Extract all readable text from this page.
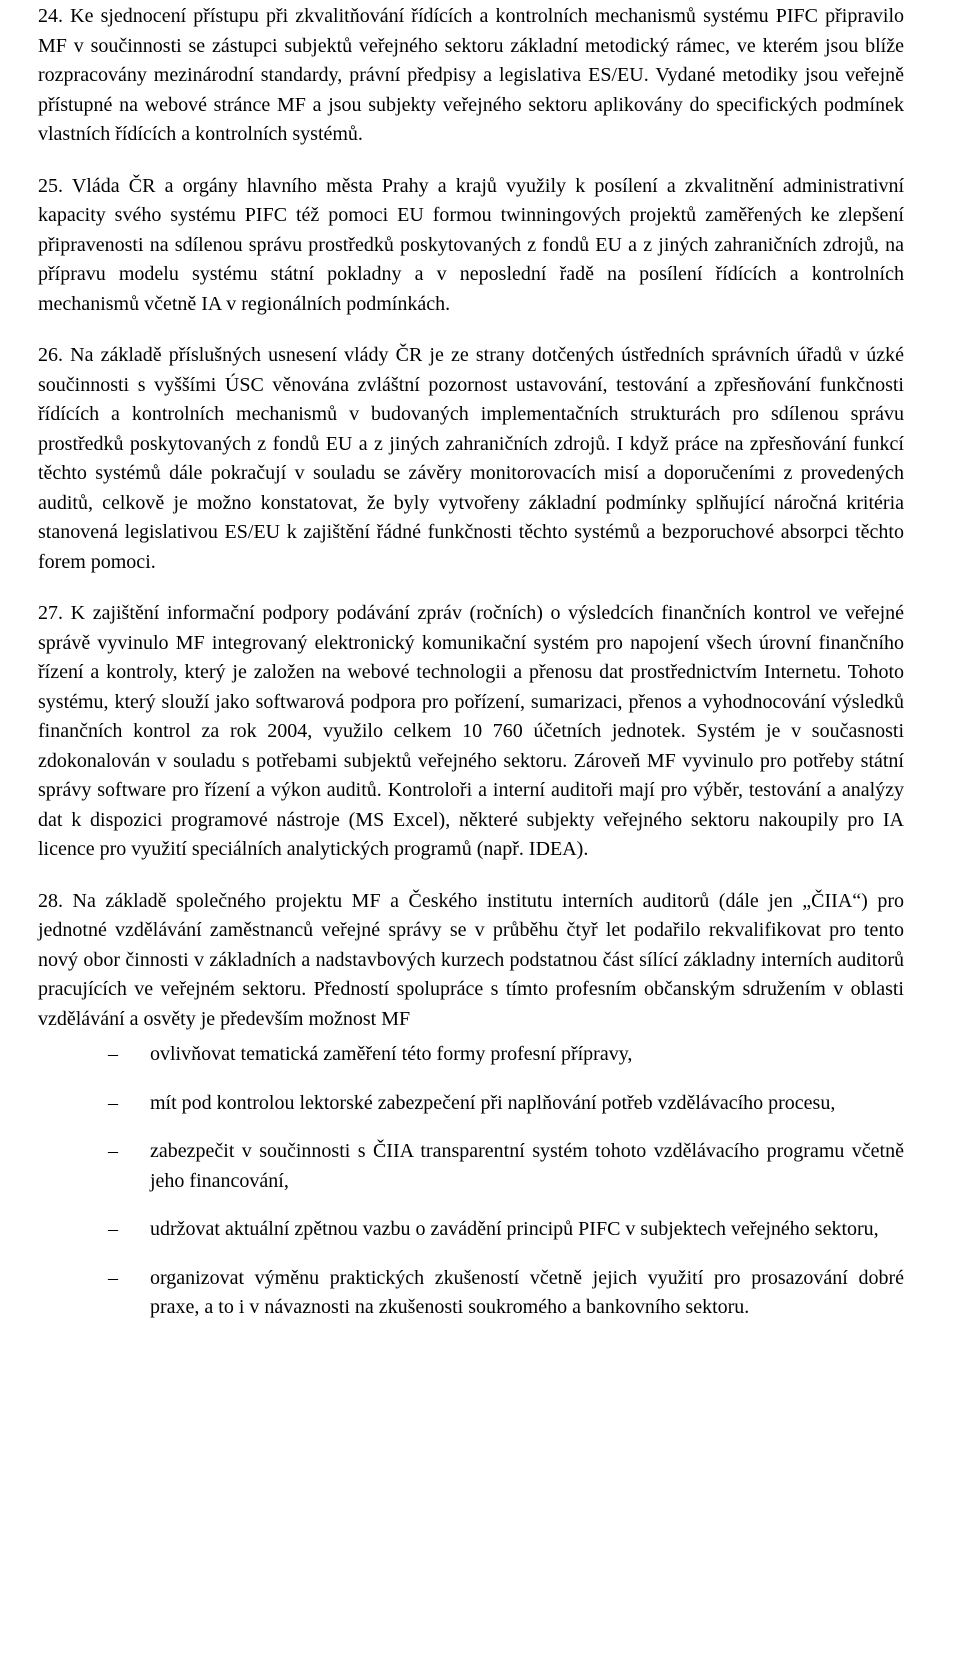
24. Ke sjednocení přístupu při zkvalitňování řídících a kontrolních mechanismů systému PIFC připravilo MF v součinnosti se zástupci subjektů veřejného sektoru základní metodický rámec, ve kterém jsou blíže rozpracovány mezinárodní standardy, právní předpisy a legislativa ES/EU. Vydané metodiky jsou veřejně přístupné na webové stránce MF a jsou subjekty veřejného sektoru aplikovány do specifických podmínek vlastních řídících a kontrolních systémů.
25. Vláda ČR a orgány hlavního města Prahy a krajů využily k posílení a zkvalitnění administrativní kapacity svého systému PIFC též pomoci EU formou twinningových projektů zaměřených ke zlepšení připravenosti na sdílenou správu prostředků poskytovaných z fondů EU a z jiných zahraničních zdrojů, na přípravu modelu systému státní pokladny a v neposlední řadě na posílení řídících a kontrolních mechanismů včetně IA v regionálních podmínkách.
26. Na základě příslušných usnesení vlády ČR je ze strany dotčených ústředních správních úřadů v úzké součinnosti s vyššími ÚSC věnována zvláštní pozornost ustavování, testování a zpřesňování funkčnosti řídících a kontrolních mechanismů v budovaných implementačních strukturách pro sdílenou správu prostředků poskytovaných z fondů EU a z jiných zahraničních zdrojů. I když práce na zpřesňování funkcí těchto systémů dále pokračují v souladu se závěry monitorovacích misí a doporučeními z provedených auditů, celkově je možno konstatovat, že byly vytvořeny základní podmínky splňující náročná kritéria stanovená legislativou ES/EU k zajištění řádné funkčnosti těchto systémů a bezporuchové absorpci těchto forem pomoci.
27. K zajištění informační podpory podávání zpráv (ročních) o výsledcích finančních kontrol ve veřejné správě vyvinulo MF integrovaný elektronický komunikační systém pro napojení všech úrovní finančního řízení a kontroly, který je založen na webové technologii a přenosu dat prostřednictvím Internetu. Tohoto systému, který slouží jako softwarová podpora pro pořízení, sumarizaci, přenos a vyhodnocování výsledků finančních kontrol za rok 2004, využilo celkem 10 760 účetních jednotek. Systém je v současnosti zdokonalován v souladu s potřebami subjektů veřejného sektoru. Zároveň MF vyvinulo pro potřeby státní správy software pro řízení a výkon auditů. Kontroloři a interní auditoři mají pro výběr, testování a analýzy dat k dispozici programové nástroje (MS Excel), některé subjekty veřejného sektoru nakoupily pro IA licence pro využití speciálních analytických programů (např. IDEA).
28. Na základě společného projektu MF a Českého institutu interních auditorů (dále jen „ČIIA“) pro jednotné vzdělávání zaměstnanců veřejné správy se v průběhu čtyř let podařilo rekvalifikovat pro tento nový obor činnosti v základních a nadstavbových kurzech podstatnou část sílící základny interních auditorů pracujících ve veřejném sektoru. Předností spolupráce s tímto profesním občanským sdružením v oblasti vzdělávání a osvěty je především možnost MF
– ovlivňovat tematická zaměření této formy profesní přípravy,
– mít pod kontrolou lektorské zabezpečení při naplňování potřeb vzdělávacího procesu,
– zabezpečit v součinnosti s ČIIA transparentní systém tohoto vzdělávacího programu včetně jeho financování,
– udržovat aktuální zpětnou vazbu o zavádění principů PIFC v subjektech veřejného sektoru,
– organizovat výměnu praktických zkušeností včetně jejich využití pro prosazování dobré praxe, a to i v návaznosti na zkušenosti soukromého a bankovního sektoru.
